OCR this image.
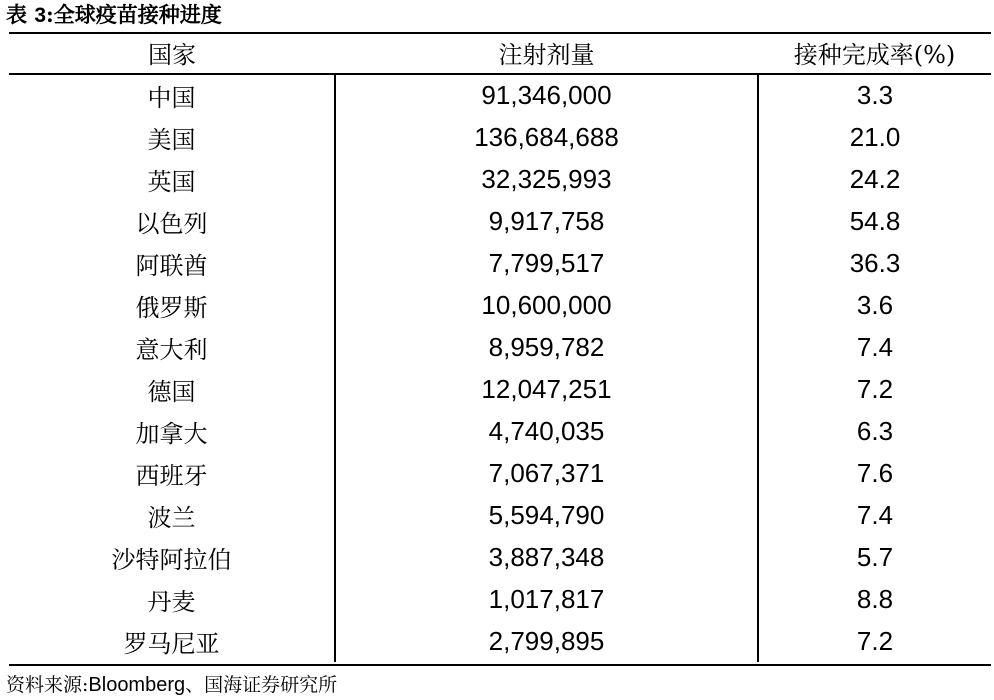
表 3:全球疫苗接种进度
国家	注射剂量	接种完成率(%)
中国	91,346,000	3.3
美国	136,684,688	21.0
英国	32,325,993	24.2
以色列	9,917,758	54.8
阿联酋	7,799,517	36.3
俄罗斯	10,600,000	3.6
意大利	8,959,782	7.4
德国	12,047,251	7.2
加拿大	4,740,035	6.3
西班牙	7,067,371	7.6
波兰	5,594,790	7.4
沙特阿拉伯	3,887,348	5.7
丹麦	1,017,817	8.8
罗马尼亚	2,799,895	7.2
资料来源:Bloomberg、国海证券研究所
